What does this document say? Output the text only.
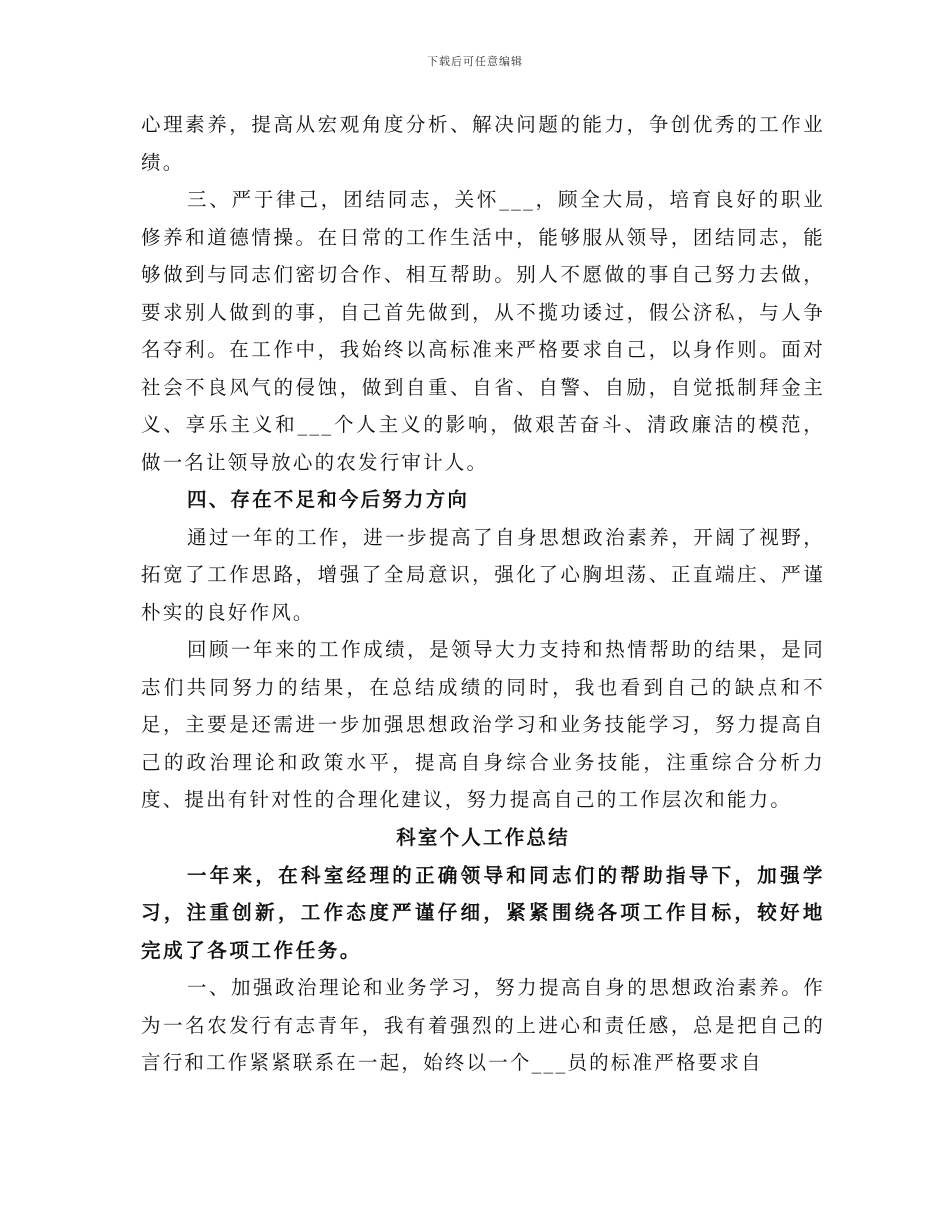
下载后可任意编辑

心理素养，提高从宏观角度分析、解决问题的能力，争创优秀的工作业绩。

三、严于律己，团结同志，关怀___，顾全大局，培育良好的职业修养和道德情操。在日常的工作生活中，能够服从领导，团结同志，能够做到与同志们密切合作、相互帮助。别人不愿做的事自己努力去做，要求别人做到的事，自己首先做到，从不揽功诿过，假公济私，与人争名夺利。在工作中，我始终以高标准来严格要求自己，以身作则。面对社会不良风气的侵蚀，做到自重、自省、自警、自励，自觉抵制拜金主义、享乐主义和___个人主义的影响，做艰苦奋斗、清政廉洁的模范，做一名让领导放心的农发行审计人。

四、存在不足和今后努力方向

通过一年的工作，进一步提高了自身思想政治素养，开阔了视野，拓宽了工作思路，增强了全局意识，强化了心胸坦荡、正直端庄、严谨朴实的良好作风。

回顾一年来的工作成绩，是领导大力支持和热情帮助的结果，是同志们共同努力的结果，在总结成绩的同时，我也看到自己的缺点和不足，主要是还需进一步加强思想政治学习和业务技能学习，努力提高自己的政治理论和政策水平，提高自身综合业务技能，注重综合分析力度、提出有针对性的合理化建议，努力提高自己的工作层次和能力。

科室个人工作总结

一年来，在科室经理的正确领导和同志们的帮助指导下，加强学习，注重创新，工作态度严谨仔细，紧紧围绕各项工作目标，较好地完成了各项工作任务。

一、加强政治理论和业务学习，努力提高自身的思想政治素养。作为一名农发行有志青年，我有着强烈的上进心和责任感，总是把自己的言行和工作紧紧联系在一起，始终以一个___员的标准严格要求自
